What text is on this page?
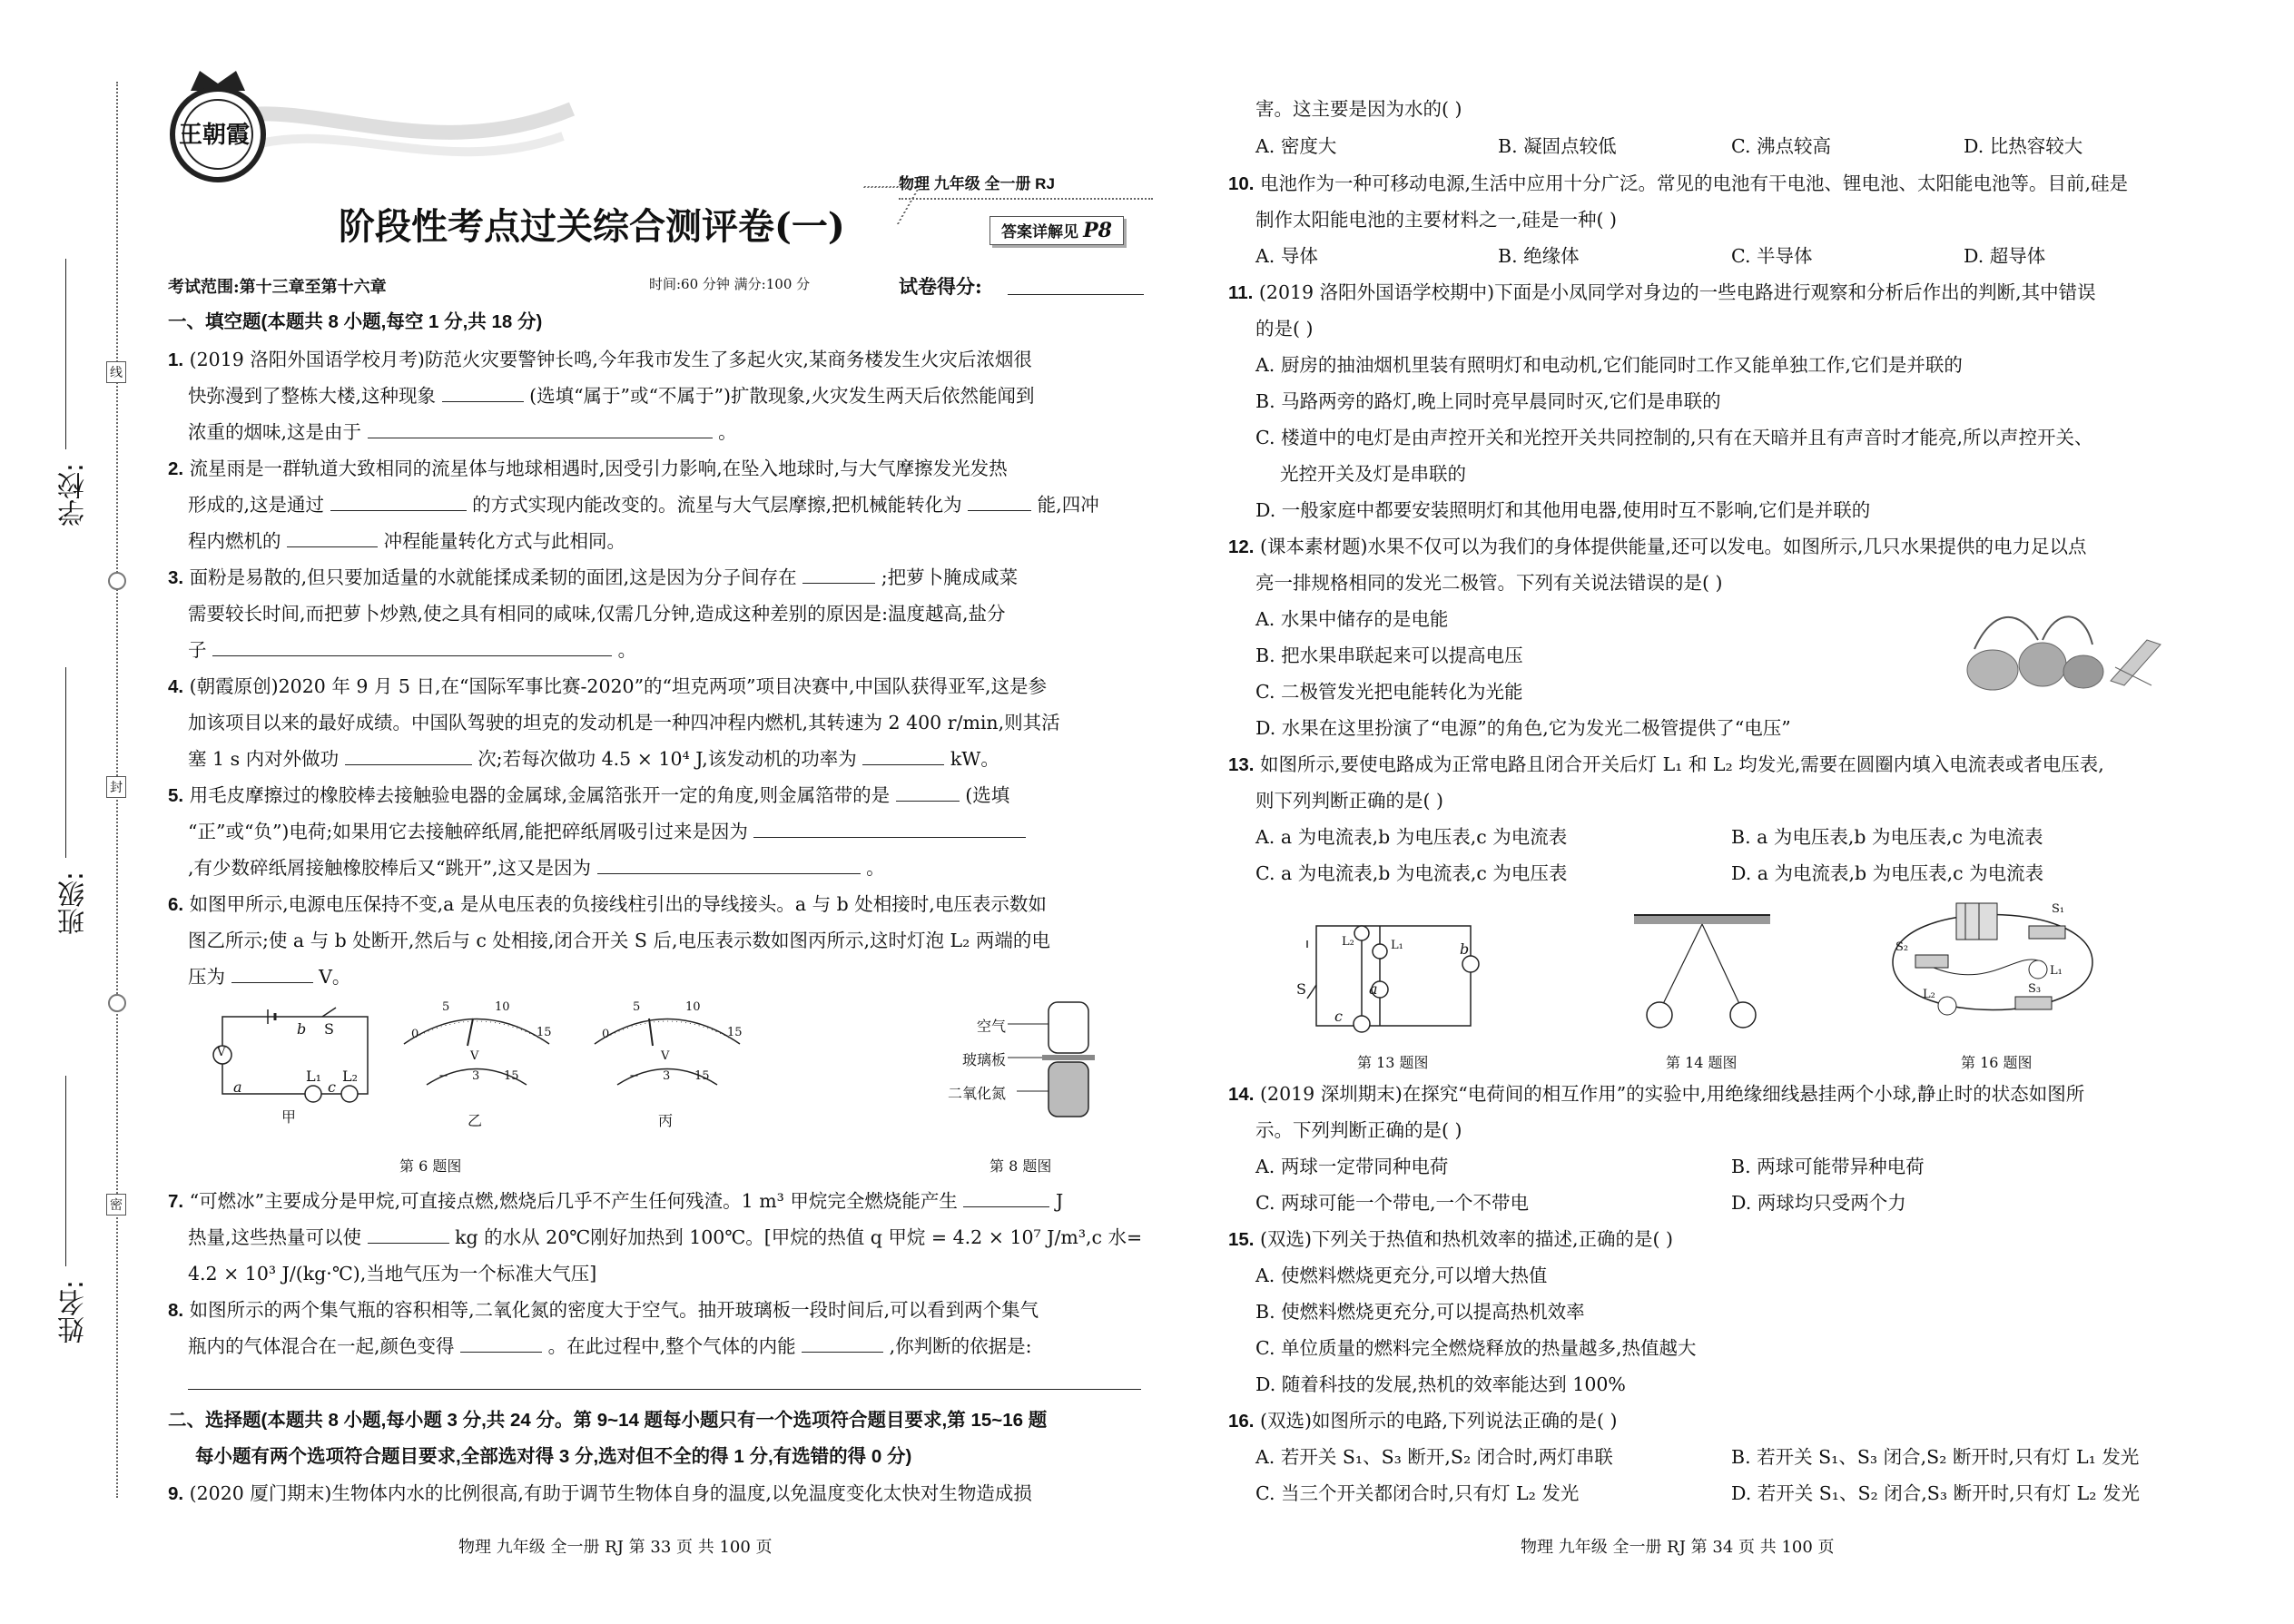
学校:
班级:
姓名:
线
封
密
王朝霞
阶段性考点过关综合测评卷(一)
物理 九年级 全一册 RJ
答案详解见 P8
考试范围:第十三章至第十六章	时间:60 分钟 满分:100 分	试卷得分:
一、填空题(本题共 8 小题,每空 1 分,共 18 分)
1. (2019 洛阳外国语学校月考)防范火灾要警钟长鸣,今年我市发生了多起火灾,某商务楼发生火灾后浓烟很
快弥漫到了整栋大楼,这种现象	(选填“属于”或“不属于”)扩散现象,火灾发生两天后依然能闻到
浓重的烟味,这是由于	。
2. 流星雨是一群轨道大致相同的流星体与地球相遇时,因受引力影响,在坠入地球时,与大气摩擦发光发热
形成的,这是通过	的方式实现内能改变的。流星与大气层摩擦,把机械能转化为	能,四冲
程内燃机的	冲程能量转化方式与此相同。
3. 面粉是易散的,但只要加适量的水就能揉成柔韧的面团,这是因为分子间存在	;把萝卜腌成咸菜
需要较长时间,而把萝卜炒熟,使之具有相同的咸味,仅需几分钟,造成这种差别的原因是:温度越高,盐分
子	。
4. (朝霞原创)2020 年 9 月 5 日,在“国际军事比赛-2020”的“坦克两项”项目决赛中,中国队获得亚军,这是参
加该项目以来的最好成绩。中国队驾驶的坦克的发动机是一种四冲程内燃机,其转速为 2 400 r/min,则其活
塞 1 s 内对外做功	次;若每次做功 4.5 × 10⁴ J,该发动机的功率为	kW。
5. 用毛皮摩擦过的橡胶棒去接触验电器的金属球,金属箔张开一定的角度,则金属箔带的是	(选填
“正”或“负”)电荷;如果用它去接触碎纸屑,能把碎纸屑吸引过来是因为
,有少数碎纸屑接触橡胶棒后又“跳开”,这又是因为	。
6. 如图甲所示,电源电压保持不变,a 是从电压表的负接线柱引出的导线接头。a 与 b 处相接时,电压表示数如
图乙所示;使 a 与 b 处断开,然后与 c 处相接,闭合开关 S 后,电压表示数如图丙所示,这时灯泡 L₂ 两端的电
压为	V。
V
b S
a	c
L₁ L₂
甲
0
5	10
15
V
− 3 15
乙
0
5	10
15
V
− 3 15
丙
第 6 题图
空气
玻璃板
二氧化氮
第 8 题图
7. “可燃冰”主要成分是甲烷,可直接点燃,燃烧后几乎不产生任何残渣。1 m³ 甲烷完全燃烧能产生	J
热量,这些热量可以使	kg 的水从 20℃刚好加热到 100℃。[甲烷的热值 q 甲烷 = 4.2 × 10⁷ J/m³,c 水=
4.2 × 10³ J/(kg·℃),当地气压为一个标准大气压]
8. 如图所示的两个集气瓶的容积相等,二氧化氮的密度大于空气。抽开玻璃板一段时间后,可以看到两个集气
瓶内的气体混合在一起,颜色变得	。在此过程中,整个气体的内能	,你判断的依据是:
二、选择题(本题共 8 小题,每小题 3 分,共 24 分。第 9~14 题每小题只有一个选项符合题目要求,第 15~16 题
每小题有两个选项符合题目要求,全部选对得 3 分,选对但不全的得 1 分,有选错的得 0 分)
9. (2020 厦门期末)生物体内水的比例很高,有助于调节生物体自身的温度,以免温度变化太快对生物造成损
物理 九年级 全一册 RJ 第 33 页 共 100 页
害。这主要是因为水的( )
A. 密度大	B. 凝固点较低	C. 沸点较高	D. 比热容较大
10. 电池作为一种可移动电源,生活中应用十分广泛。常见的电池有干电池、锂电池、太阳能电池等。目前,硅是
制作太阳能电池的主要材料之一,硅是一种( )
A. 导体	B. 绝缘体	C. 半导体	D. 超导体
11. (2019 洛阳外国语学校期中)下面是小凤同学对身边的一些电路进行观察和分析后作出的判断,其中错误
的是( )
A. 厨房的抽油烟机里装有照明灯和电动机,它们能同时工作又能单独工作,它们是并联的
B. 马路两旁的路灯,晚上同时亮早晨同时灭,它们是串联的
C. 楼道中的电灯是由声控开关和光控开关共同控制的,只有在天暗并且有声音时才能亮,所以声控开关、
光控开关及灯是串联的
D. 一般家庭中都要安装照明灯和其他用电器,使用时互不影响,它们是并联的
12. (课本素材题)水果不仅可以为我们的身体提供能量,还可以发电。如图所示,几只水果提供的电力足以点
亮一排规格相同的发光二极管。下列有关说法错误的是( )
A. 水果中储存的是电能
B. 把水果串联起来可以提高电压
C. 二极管发光把电能转化为光能
D. 水果在这里扮演了“电源”的角色,它为发光二极管提供了“电压”
13. 如图所示,要使电路成为正常电路且闭合开关后灯 L₁ 和 L₂ 均发光,需要在圆圈内填入电流表或者电压表,
则下列判断正确的是( )
A. a 为电流表,b 为电压表,c 为电流表	B. a 为电压表,b 为电压表,c 为电流表
C. a 为电流表,b 为电流表,c 为电压表	D. a 为电流表,b 为电压表,c 为电流表
L₂	L₁	b
a
S
c
第 13 题图	第 14 题图
S₁
S₂
L₁
L₂	S₃
第 16 题图
14. (2019 深圳期末)在探究“电荷间的相互作用”的实验中,用绝缘细线悬挂两个小球,静止时的状态如图所
示。下列判断正确的是( )
A. 两球一定带同种电荷	B. 两球可能带异种电荷
C. 两球可能一个带电,一个不带电	D. 两球均只受两个力
15. (双选)下列关于热值和热机效率的描述,正确的是( )
A. 使燃料燃烧更充分,可以增大热值
B. 使燃料燃烧更充分,可以提高热机效率
C. 单位质量的燃料完全燃烧释放的热量越多,热值越大
D. 随着科技的发展,热机的效率能达到 100%
16. (双选)如图所示的电路,下列说法正确的是( )
A. 若开关 S₁、S₃ 断开,S₂ 闭合时,两灯串联	B. 若开关 S₁、S₃ 闭合,S₂ 断开时,只有灯 L₁ 发光
C. 当三个开关都闭合时,只有灯 L₂ 发光	D. 若开关 S₁、S₂ 闭合,S₃ 断开时,只有灯 L₂ 发光
物理 九年级 全一册 RJ 第 34 页 共 100 页
